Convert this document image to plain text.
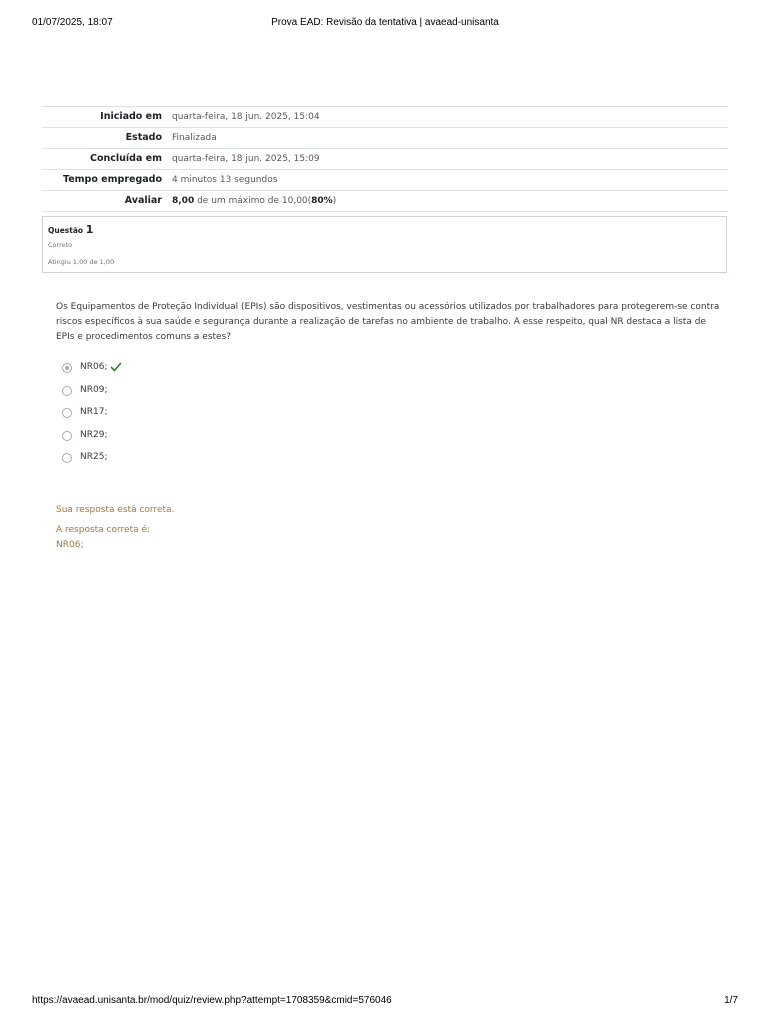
01/07/2025, 18:07	Prova EAD: Revisão da tentativa | avaead-unisanta
Iniciado em	quarta-feira, 18 jun. 2025, 15:04
Estado	Finalizada
Concluída em	quarta-feira, 18 jun. 2025, 15:09
Tempo empregado	4 minutos 13 segundos
Avaliar	8,00 de um máximo de 10,00(80%)
Questão 1
Correto
Atingiu 1,00 de 1,00
Os Equipamentos de Proteção Individual (EPIs) são dispositivos, vestimentas ou acessórios utilizados por trabalhadores para protegerem-se contra riscos específicos à sua saúde e segurança durante a realização de tarefas no ambiente de trabalho. A esse respeito, qual NR destaca a lista de EPIs e procedimentos comuns a estes?
NR06;
NR09;
NR17;
NR29;
NR25;
Sua resposta está correta.
A resposta correta é:
NR06;
https://avaead.unisanta.br/mod/quiz/review.php?attempt=1708359&cmid=576046	1/7
